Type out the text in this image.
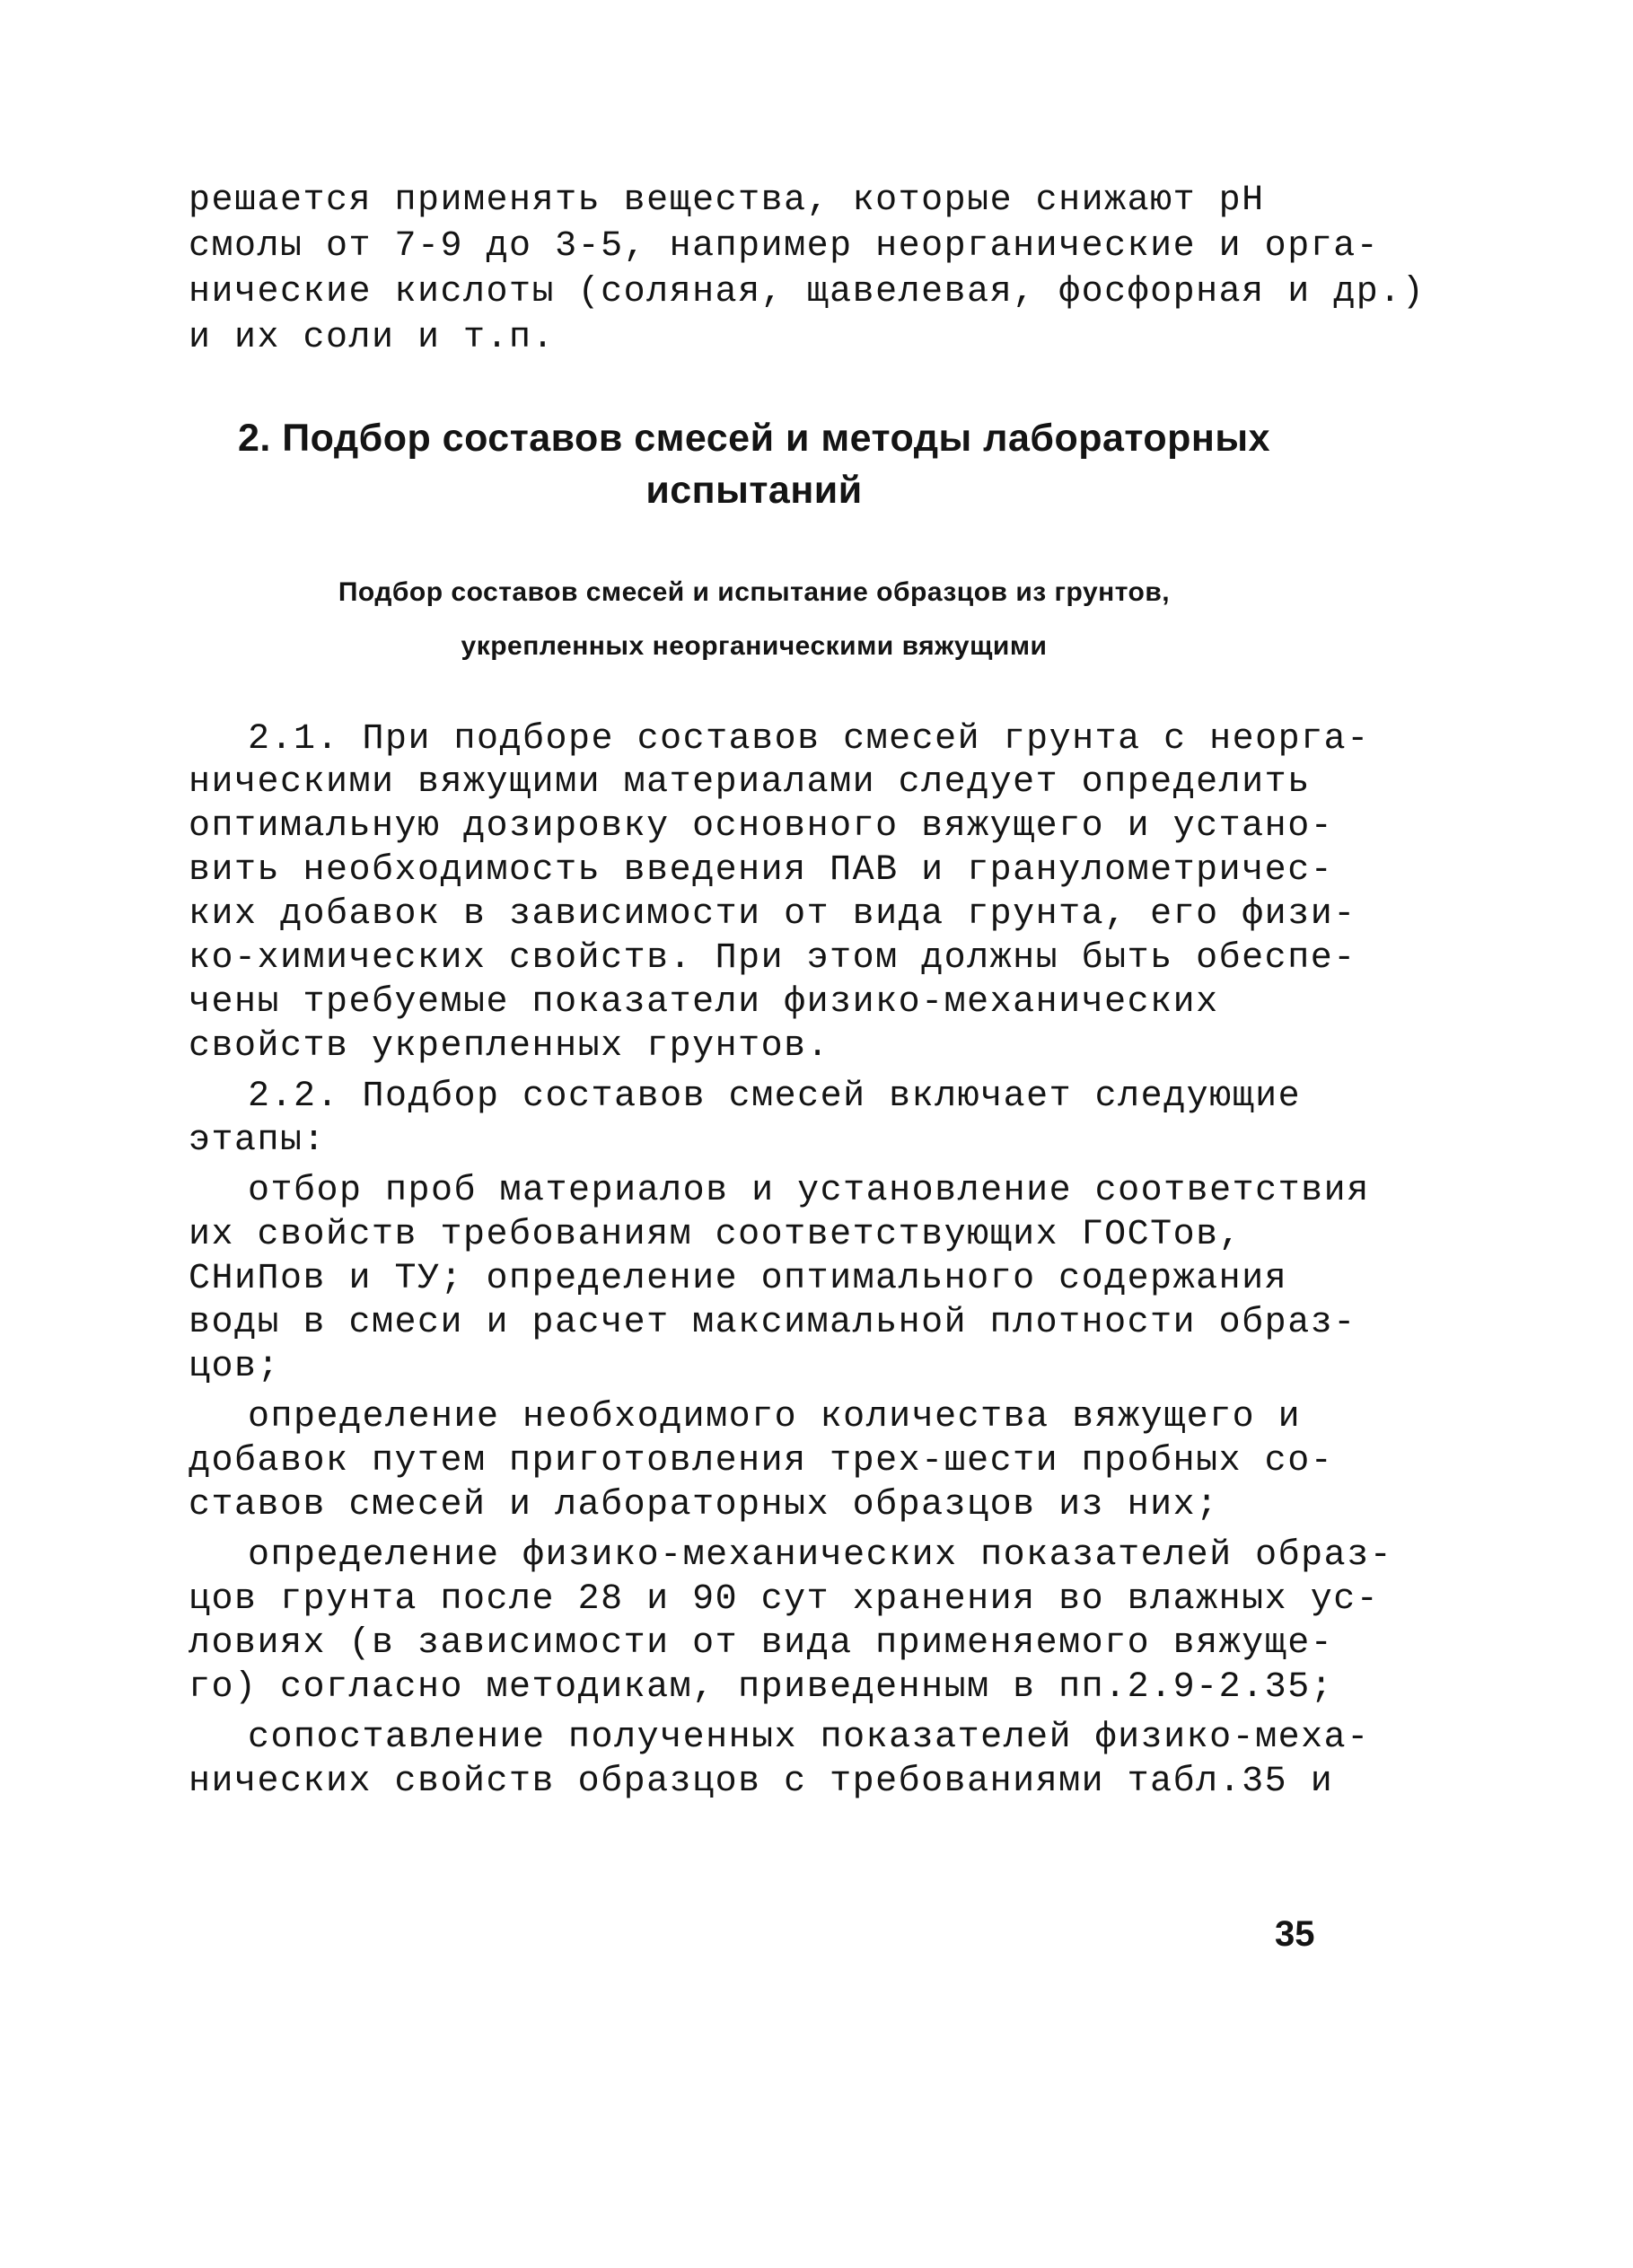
решается применять вещества, которые снижают рН
смолы от 7-9 до 3-5, например неорганические и орга-
нические кислоты (соляная, щавелевая, фосфорная и др.)
и их соли и т.п.
2. Подбор составов смесей и методы лабораторных
испытаний
Подбор составов смесей и испытание образцов из грунтов,
укрепленных неорганическими вяжущими
2.1. При подборе составов смесей грунта с неорга-
ническими вяжущими материалами следует определить
оптимальную дозировку основного вяжущего и устано-
вить необходимость введения ПАВ и гранулометричес-
ких добавок в зависимости от вида грунта, его физи-
ко-химических свойств. При этом должны быть обеспе-
чены требуемые показатели физико-механических
свойств укрепленных грунтов.
2.2. Подбор составов смесей включает следующие
этапы:
отбор проб материалов и установление соответствия
их свойств требованиям соответствующих ГОСТов,
СНиПов и ТУ; определение оптимального содержания
воды в смеси и расчет максимальной плотности образ-
цов;
определение необходимого количества вяжущего и
добавок путем приготовления трех-шести пробных со-
ставов смесей и лабораторных образцов из них;
определение физико-механических показателей образ-
цов грунта после 28 и 90 сут хранения во влажных ус-
ловиях (в зависимости от вида применяемого вяжуще-
го) согласно методикам, приведенным в пп.2.9-2.35;
сопоставление полученных показателей физико-меха-
нических свойств образцов с требованиями табл.35 и
35
